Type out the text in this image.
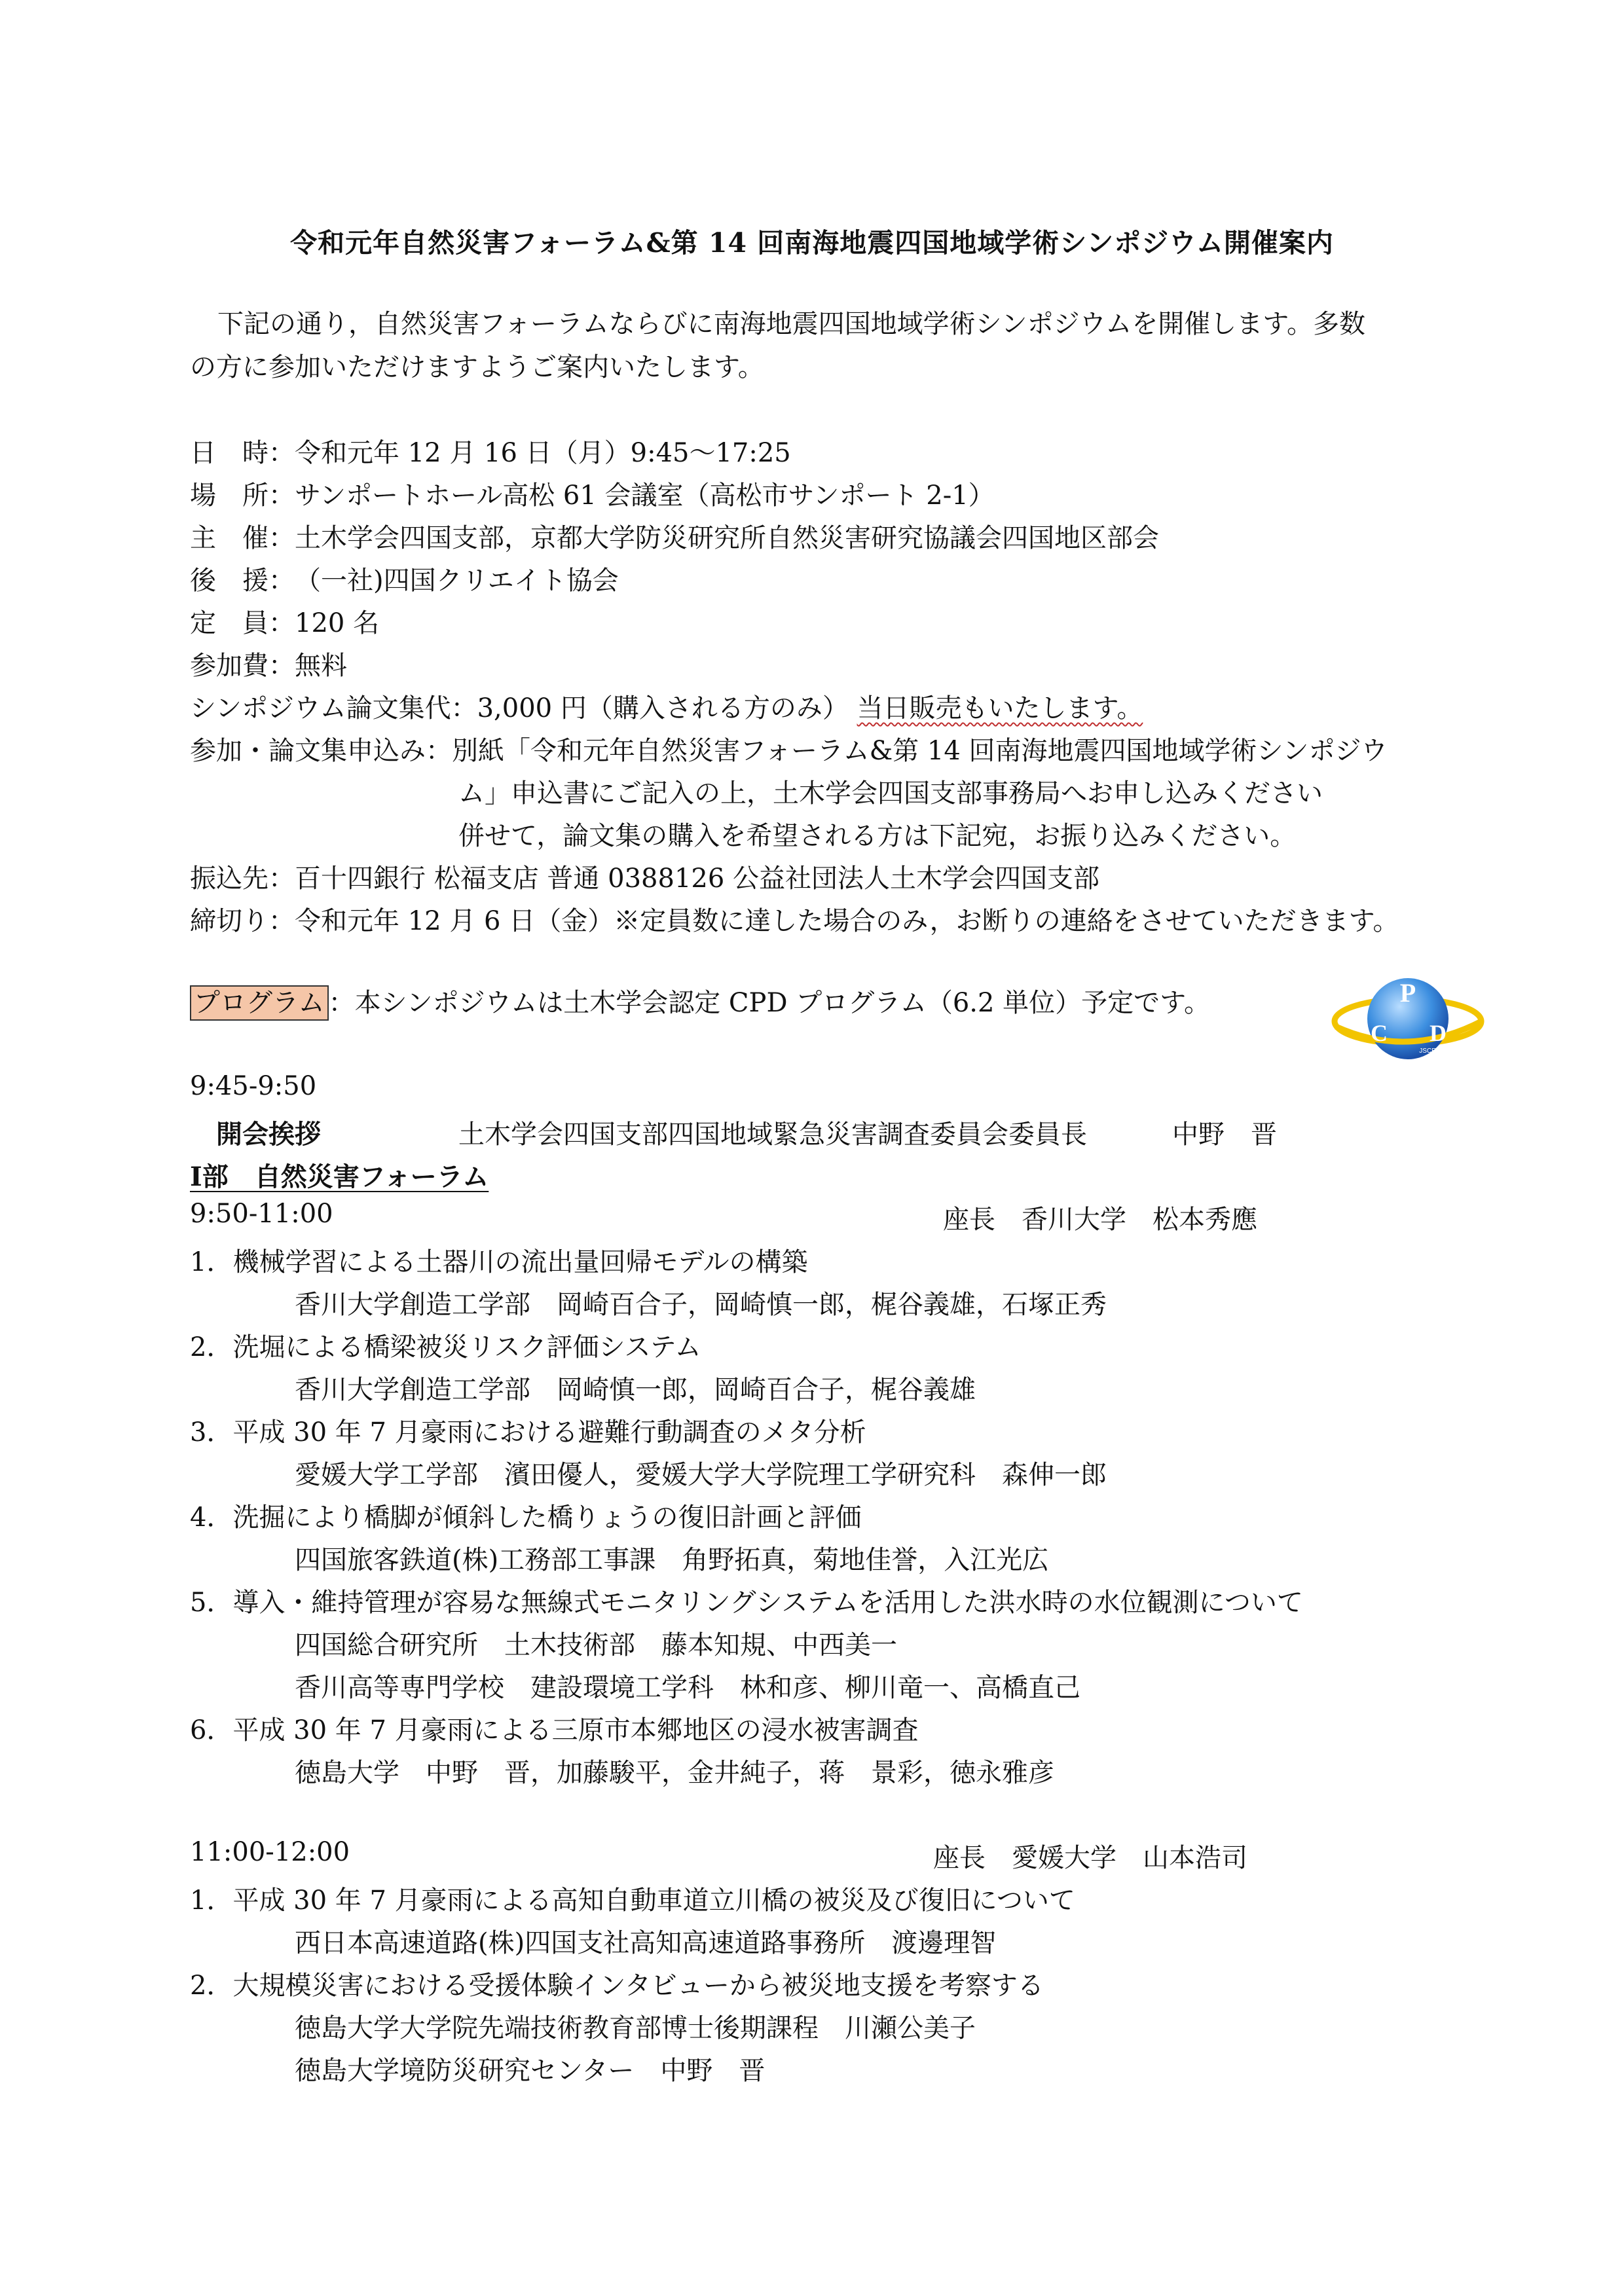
令和元年自然災害フォーラム&第 14 回南海地震四国地域学術シンポジウム開催案内
下記の通り，自然災害フォーラムならびに南海地震四国地域学術シンポジウムを開催します。多数
の方に参加いただけますようご案内いたします。
日　時：令和元年 12 月 16 日（月）9:45～17:25
場　所：サンポートホール高松 61 会議室（高松市サンポート 2-1）
主　催：土木学会四国支部，京都大学防災研究所自然災害研究協議会四国地区部会
後　援：（一社)四国クリエイト協会
定　員：120 名
参加費：無料
シンポジウム論文集代：3,000 円（購入される方のみ） 当日販売もいたします。
参加・論文集申込み：別紙「令和元年自然災害フォーラム&第 14 回南海地震四国地域学術シンポジウ
ム」申込書にご記入の上，土木学会四国支部事務局へお申し込みください
併せて，論文集の購入を希望される方は下記宛，お振り込みください。
振込先：百十四銀行 松福支店 普通 0388126 公益社団法人土木学会四国支部
締切り：令和元年 12 月 6 日（金）※定員数に達した場合のみ，お断りの連絡をさせていただきます。
プログラム ：本シンポジウムは土木学会認定 CPD プログラム（6.2 単位）予定です。	P
C D
JSCE
9:45-9:50
開会挨拶	土木学会四国支部四国地域緊急災害調査委員会委員長	中野　晋
Ⅰ部　自然災害フォーラム
9:50-11:00	座長　香川大学　松本秀應
1．機械学習による土器川の流出量回帰モデルの構築
香川大学創造工学部　岡崎百合子，岡崎慎一郎，梶谷義雄，石塚正秀
2．洗堀による橋梁被災リスク評価システム
香川大学創造工学部　岡崎慎一郎，岡崎百合子，梶谷義雄
3．平成 30 年 7 月豪雨における避難行動調査のメタ分析
愛媛大学工学部　濱田優人，愛媛大学大学院理工学研究科　森伸一郎
4．洗掘により橋脚が傾斜した橋りょうの復旧計画と評価
四国旅客鉄道(株)工務部工事課　角野拓真，菊地佳誉，入江光広
5．導入・維持管理が容易な無線式モニタリングシステムを活用した洪水時の水位観測について
四国総合研究所　土木技術部　藤本知規、中西美一
香川高等専門学校　建設環境工学科　林和彦、柳川竜一、高橋直己
6．平成 30 年 7 月豪雨による三原市本郷地区の浸水被害調査
徳島大学　中野　晋，加藤駿平，金井純子，蒋　景彩，徳永雅彦
11:00-12:00	座長　愛媛大学　山本浩司
1．平成 30 年 7 月豪雨による高知自動車道立川橋の被災及び復旧について
西日本高速道路(株)四国支社高知高速道路事務所　渡邊理智
2．大規模災害における受援体験インタビューから被災地支援を考察する
徳島大学大学院先端技術教育部博士後期課程　川瀬公美子
徳島大学境防災研究センター　中野　晋
